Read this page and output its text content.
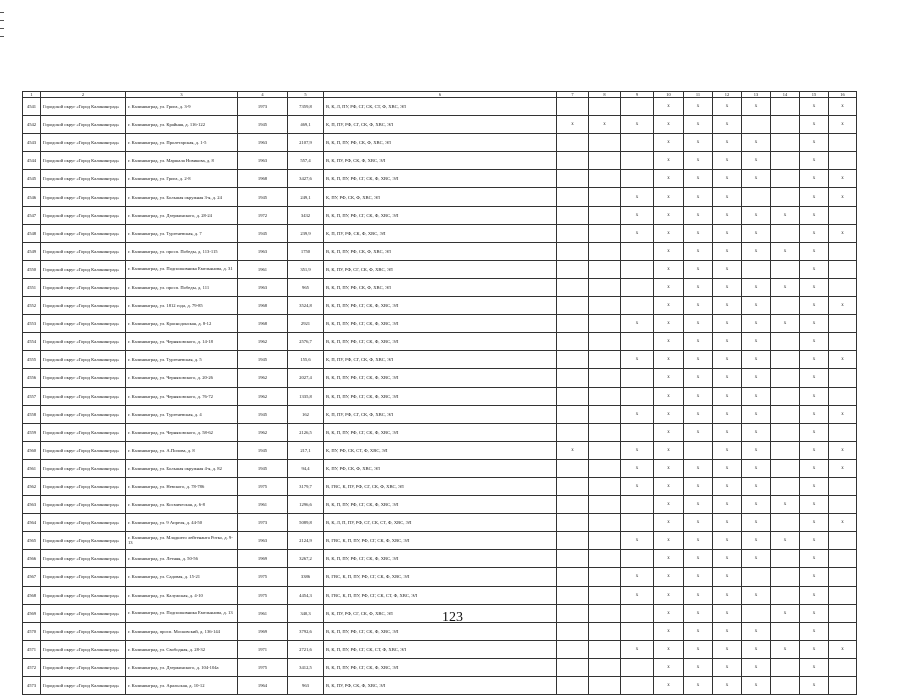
1	2	3	4	5	6	7	8	9	10	11	12	13	14	15	16
4541	Городской округ «Город Калининград»	г. Калининград, ул. Грига, д. 3-9	1973	7359,8	В, К, Л, ПУ, РФ, СГ, СК, СТ, Ф, ХВС, ЭЛ				x	x	x	x		x	x
4542	Городской округ «Город Калининград»	г. Калининград, ул. Крайняя, д. 116-122	1945	469,1	К, П, ПУ, РФ, СГ, СК, Ф, ХВС, ЭЛ	x	x	x	x	x	x			x	x
4543	Городской округ «Город Калининград»	г. Калининград, ул. Пролетарская, д. 1-5	1963	2107,9	В, К, П, ПУ, РФ, СК, Ф, ХВС, ЭЛ				x	x	x	x		x	
4544	Городской округ «Город Калининград»	г. Калининград, ул. Маршала Новикова, д. 8	1963	557,4	В, К, ПУ, РФ, СК, Ф, ХВС, ЭЛ				x	x	x	x		x	
4545	Городской округ «Город Калининград»	г. Калининград, ул. Грига, д. 2-8	1968	3427,6	В, К, П, ПУ, РФ, СГ, СК, Ф, ХВС, ЭЛ				x	x	x	x		x	x
4546	Городской округ «Город Калининград»	г. Калининград, ул. Большая окружная 3-я, д. 24	1945	249,1	К, ПУ, РФ, СК, Ф, ХВС, ЭЛ			x	x	x	x			x	x
4547	Городской округ «Город Калининград»	г. Калининград, ул. Дзержинского, д. 28-24	1972	3432	В, К, П, ПУ, РФ, СГ, СК, Ф, ХВС, ЭЛ			x	x	x	x	x	x	x	
4548	Городской округ «Город Калининград»	г. Калининград, ул. Тургеневская, д. 7	1945	239,9	К, П, ПУ, РФ, СК, Ф, ХВС, ЭЛ			x	x	x	x	x		x	x
4549	Городской округ «Город Калининград»	г. Калининград, ул. просп. Победы, д. 113-115	1963	1750	В, К, П, ПУ, РФ, СК, Ф, ХВС, ЭЛ				x	x	x	x	x	x	
4550	Городской округ «Город Калининград»	г. Калининград, ул. Подполковника Емельянова, д. 31	1961	351,9	В, К, ПУ, РФ, СГ, СК, Ф, ХВС, ЭЛ				x	x	x			x	
4551	Городской округ «Город Калининград»	г. Калининград, ул. просп. Победы, д. 111	1963	965	В, К, П, ПУ, РФ, СК, Ф, ХВС, ЭЛ				x	x	x	x	x	x	
4552	Городской округ «Город Калининград»	г. Калининград, ул. 1812 года, д. 79-85	1968	3524,8	В, К, П, ПУ, РФ, СГ, СК, Ф, ХВС, ЭЛ				x	x	x	x		x	x
4553	Городской округ «Город Калининград»	г. Калининград, ул. Краснодонская, д. 8-12	1968	2921	В, К, П, ПУ, РФ, СГ, СК, Ф, ХВС, ЭЛ			x	x	x	x	x	x	x	
4554	Городской округ «Город Калининград»	г. Калининград, ул. Черняховского, д. 14-18	1962	2576,7	В, К, П, ПУ, РФ, СГ, СК, Ф, ХВС, ЭЛ				x	x	x	x		x	
4555	Городской округ «Город Калининград»	г. Калининград, ул. Тургеневская, д. 5	1945	155,6	К, П, ПУ, РФ, СГ, СК, Ф, ХВС, ЭЛ			x	x	x	x	x		x	x
4556	Городской округ «Город Калининград»	г. Калининград, ул. Черняховского, д. 20-26	1962	2027,4	В, К, П, ПУ, РФ, СГ, СК, Ф, ХВС, ЭЛ				x	x	x	x		x	
4557	Городской округ «Город Калининград»	г. Калининград, ул. Черняховского, д. 76-72	1962	1335,8	В, К, П, ПУ, РФ, СГ, СК, Ф, ХВС, ЭЛ				x	x	x	x		x	
4558	Городской округ «Город Калининград»	г. Калининград, ул. Тургеневская, д. 4	1945	162	К, П, ПУ, РФ, СГ, СК, Ф, ХВС, ЭЛ			x	x	x	x	x		x	x
4559	Городской округ «Город Калининград»	г. Калининград, ул. Черняховского, д. 58-62	1962	2126,5	В, К, П, ПУ, РФ, СГ, СК, Ф, ХВС, ЭЛ				x	x	x	x		x	
4560	Городской округ «Город Калининград»	г. Калининград, ул. А.Попова, д. 8	1945	217,1	К, ПУ, РФ, СК, СТ, Ф, ХВС, ЭЛ	x		x	x		x	x		x	x
4561	Городской округ «Город Калининград»	г. Калининград, ул. Большая окружная 4-я, д. 82	1945	94,4	К, ПУ, РФ, СК, Ф, ХВС, ЭЛ			x	x	x	x	x		x	x
4562	Городской округ «Город Калининград»	г. Калининград, ул. Невского, д. 78-786	1975	3179,7	В, ГВС, К, ПУ, РФ, СГ, СК, Ф, ХВС, ЭЛ			x	x	x	x	x		x	
4563	Городской округ «Город Калининград»	г. Калининград, ул. Космическая, д. 6-8	1961	1296,6	В, К, П, ПУ, РФ, СГ, СК, Ф, ХВС, ЭЛ				x	x	x	x	x	x	
4564	Городской округ «Город Калининград»	г. Калининград, ул. 9 Апреля, д. 44-50	1973	5089,8	В, К, Л, П, ПУ, РФ, СГ, СК, СТ, Ф, ХВС, ЭЛ				x	x	x	x		x	x
4565	Городской округ «Город Калининград»	г. Калининград, ул. Младшего лейтенанта Ротко, д. 9-13	1963	2124,9	В, ГВС, К, П, ПУ, РФ, СГ, СК, Ф, ХВС, ЭЛ			x	x	x	x	x	x	x	
4566	Городской округ «Город Калининград»	г. Калининград, ул. Летняя, д. 50-56	1969	3267,2	В, К, П, ПУ, РФ, СГ, СК, Ф, ХВС, ЭЛ				x	x	x	x		x	
4567	Городской округ «Город Калининград»	г. Калининград, ул. Садовая, д. 15-21	1975	3386	В, ГВС, К, П, ПУ, РФ, СГ, СК, Ф, ХВС, ЭЛ			x	x	x	x			x	
4568	Городской округ «Город Калининград»	г. Калининград, ул. Калужская, д. 4-10	1975	4454,3	В, ГВС, К, П, ПУ, РФ, СГ, СК, СТ, Ф, ХВС, ЭЛ			x	x	x	x	x		x	
4569	Городской округ «Город Калининград»	г. Калининград, ул. Подполковника Емельянова, д. 13	1961	340,3	В, К, ПУ, РФ, СГ, СК, Ф, ХВС, ЭЛ				x	x	x		x	x	
4570	Городской округ «Город Калининград»	г. Калининград, просп. Московский, д. 136-144	1969	3792,6	В, К, П, ПУ, РФ, СГ, СК, Ф, ХВС, ЭЛ				x	x	x	x		x	
4571	Городской округ «Город Калининград»	г. Калининград, ул. Свободная, д. 28-32	1971	2721,6	В, К, П, ПУ, РФ, СГ, СК, СТ, Ф, ХВС, ЭЛ			x	x	x	x	x	x	x	x
4572	Городской округ «Город Калининград»	г. Калининград, ул. Дзержинского, д. 104-104а	1975	3412,5	В, К, П, ПУ, РФ, СГ, СК, Ф, ХВС, ЭЛ				x	x	x	x		x	
4573	Городской округ «Город Калининград»	г. Калининград, ул. Аральская, д. 10-12	1964	963	В, К, ПУ, РФ, СК, Ф, ХВС, ЭЛ				x	x	x	x		x	
123
